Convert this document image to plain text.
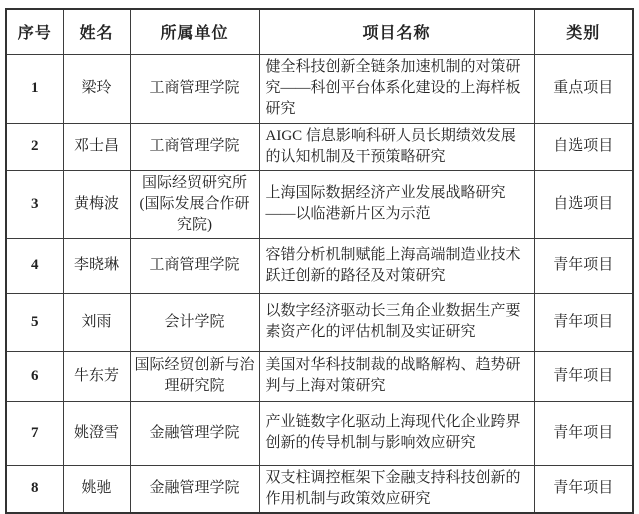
序号	姓名	所属单位	项目名称	类别
1	梁玲	工商管理学院	健全科技创新全链条加速机制的对策研究——科创平台体系化建设的上海样板研究	重点项目
2	邓士昌	工商管理学院	AIGC 信息影响科研人员长期绩效发展的认知机制及干预策略研究	自选项目
3	黄梅波	国际经贸研究所(国际发展合作研究院)	上海国际数据经济产业发展战略研究——以临港新片区为示范	自选项目
4	李晓琳	工商管理学院	容错分析机制赋能上海高端制造业技术跃迁创新的路径及对策研究	青年项目
5	刘雨	会计学院	以数字经济驱动长三角企业数据生产要素资产化的评估机制及实证研究	青年项目
6	牛东芳	国际经贸创新与治理研究院	美国对华科技制裁的战略解构、趋势研判与上海对策研究	青年项目
7	姚澄雪	金融管理学院	产业链数字化驱动上海现代化企业跨界创新的传导机制与影响效应研究	青年项目
8	姚驰	金融管理学院	双支柱调控框架下金融支持科技创新的作用机制与政策效应研究	青年项目
